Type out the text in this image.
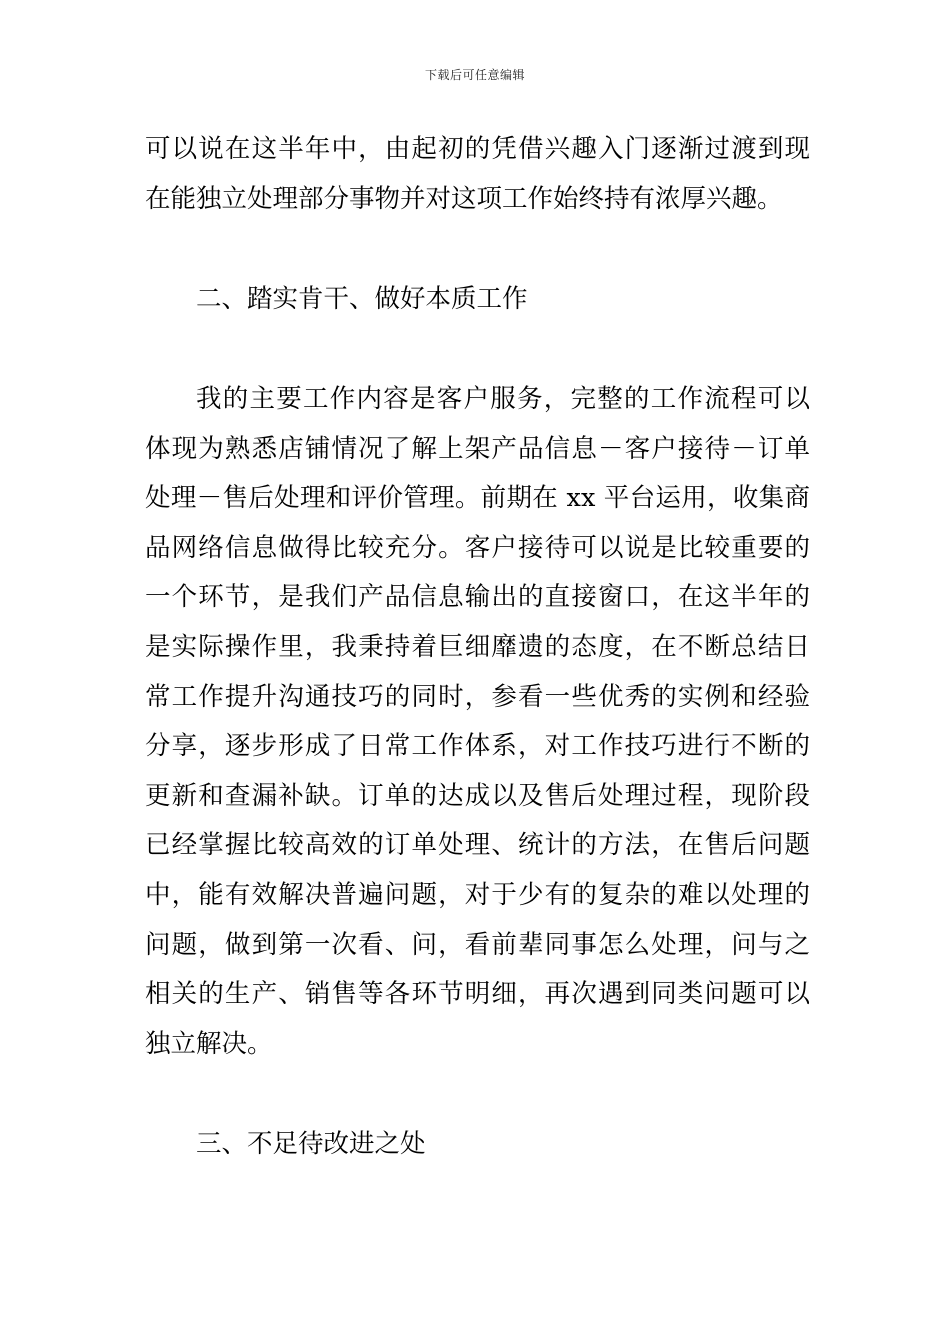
下载后可任意编辑
可以说在这半年中，由起初的凭借兴趣入门逐渐过渡到现
在能独立处理部分事物并对这项工作始终持有浓厚兴趣。
二、踏实肯干、做好本质工作
我的主要工作内容是客户服务，完整的工作流程可以
体现为熟悉店铺情况了解上架产品信息－客户接待－订单
处理－售后处理和评价管理。前期在 xx 平台运用，收集商
品网络信息做得比较充分。客户接待可以说是比较重要的
一个环节，是我们产品信息输出的直接窗口，在这半年的
是实际操作里，我秉持着巨细靡遗的态度，在不断总结日
常工作提升沟通技巧的同时，参看一些优秀的实例和经验
分享，逐步形成了日常工作体系，对工作技巧进行不断的
更新和查漏补缺。订单的达成以及售后处理过程，现阶段
已经掌握比较高效的订单处理、统计的方法，在售后问题
中，能有效解决普遍问题，对于少有的复杂的难以处理的
问题，做到第一次看、问，看前辈同事怎么处理，问与之
相关的生产、销售等各环节明细，再次遇到同类问题可以
独立解决。
三、不足待改进之处
